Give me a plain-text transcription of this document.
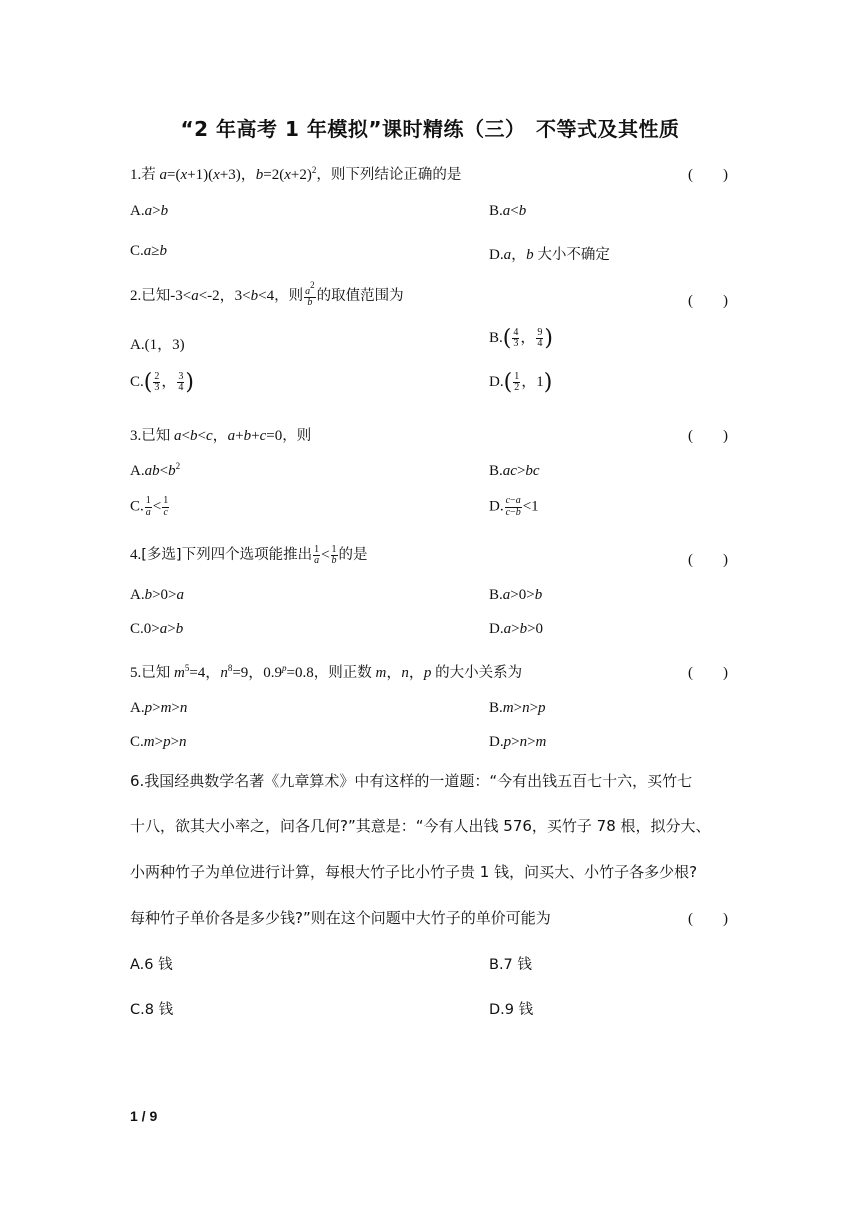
“2 年高考 1 年模拟”课时精练（三）　不等式及其性质
1.若 a=(x+1)(x+3)，$b=2(x+2)^2$，则下列结论正确的是	(　　)
A.a>b	B.a<b
C.a≥b	D.a，b 大小不确定
2.已知-3<a<-2，3<b<4，则 $\frac{a^2}{b}$ 的取值范围为	(　　)
A.(1，3)	$B.( \frac{4}{3}$ ， $\frac{9}{4}$ )
$C.( \frac{2}{3}$ ， $\frac{3}{4}$ )	$D.( \frac{1}{2}$ ，1)
3.已知 a<b<c，a+b+c=0，则	(　　)
$A.ab<b^2$	B.ac>bc
C. $\frac{1}{a} < \frac{1}{c}$	D. $\frac{c-a}{c-b} <1$
4.[多选]下列四个选项能推出 $\frac{1}{a} < \frac{1}{b}$ 的是	(　　)
A.b>0>a	B.a>0>b
C.0>a>b	D.a>b>0
5.已知 $m^5=4$，$n^8=9$，$0.9^p=0.8$，则正数 m，n，p 的大小关系为	(　　)
A.p>m>n	B.m>n>p
C.m>p>n	D.p>n>m
6.我国经典数学名著《九章算术》中有这样的一道题：“今有出钱五百七十六，买竹七
十八，欲其大小率之，问各几何?”其意是：“今有人出钱 576，买竹子 78 根，拟分大、
小两种竹子为单位进行计算，每根大竹子比小竹子贵 1 钱，问买大、小竹子各多少根?
每种竹子单价各是多少钱?”则在这个问题中大竹子的单价可能为	(　　)
A.6 钱	B.7 钱
C.8 钱	D.9 钱
1 / 9
